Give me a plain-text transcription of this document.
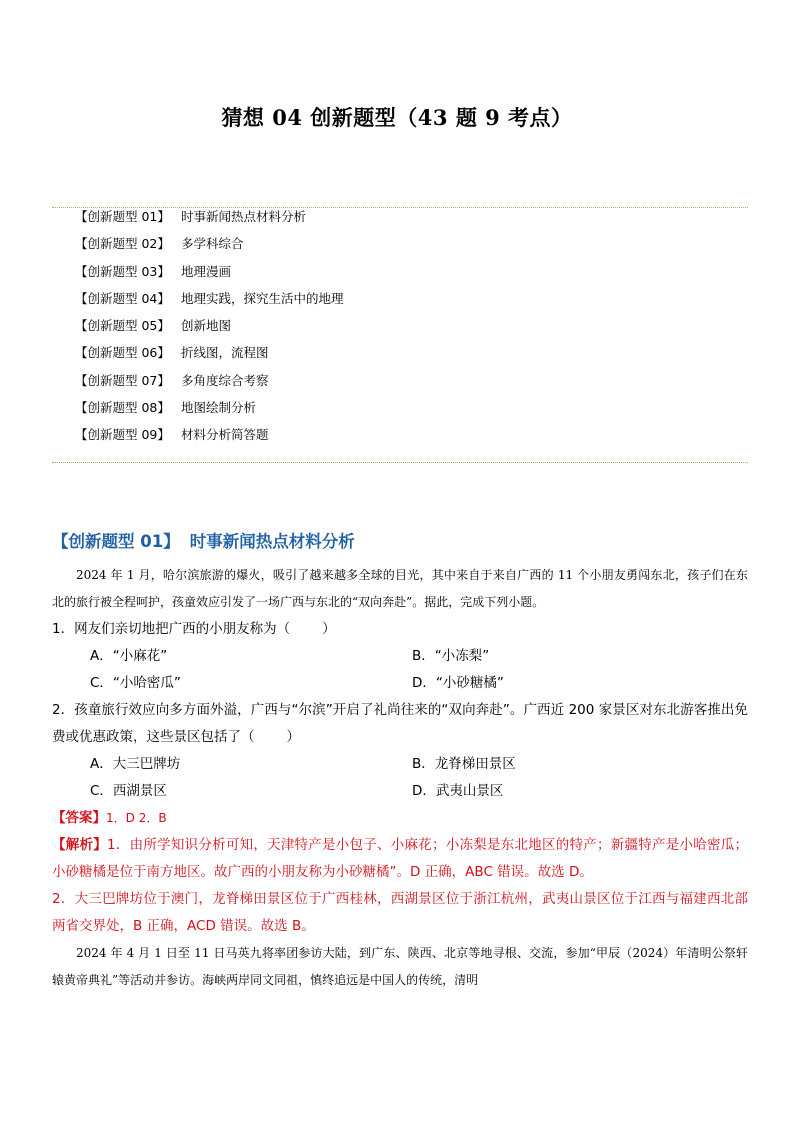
猜想 04 创新题型（43 题 9 考点）
【创新题型 01】 时事新闻热点材料分析
【创新题型 02】 多学科综合
【创新题型 03】 地理漫画
【创新题型 04】 地理实践，探究生活中的地理
【创新题型 05】 创新地图
【创新题型 06】 折线图，流程图
【创新题型 07】 多角度综合考察
【创新题型 08】 地图绘制分析
【创新题型 09】 材料分析简答题
【创新题型 01】 时事新闻热点材料分析
2024 年 1 月，哈尔滨旅游的爆火，吸引了越来越多全球的目光，其中来自于来自广西的 11 个小朋友勇闯东北，孩子们在东北的旅行被全程呵护，孩童效应引发了一场广西与东北的“双向奔赴”。据此，完成下列小题。
1．网友们亲切地把广西的小朋友称为（ ）
A．“小麻花”	B．“小冻梨”
C．“小哈密瓜”	D．“小砂糖橘”
2．孩童旅行效应向多方面外溢，广西与“尔滨”开启了礼尚往来的“双向奔赴”。广西近 200 家景区对东北游客推出免费或优惠政策，这些景区包括了（ ）
A．大三巴牌坊	B．龙脊梯田景区
C．西湖景区	D．武夷山景区
【答案】1．D 2．B
【解析】1．由所学知识分析可知，天津特产是小包子、小麻花；小冻梨是东北地区的特产；新疆特产是小哈密瓜；小砂糖橘是位于南方地区。故广西的小朋友称为小砂糖橘”。D 正确，ABC 错误。故选 D。
2．大三巴牌坊位于澳门，龙脊梯田景区位于广西桂林，西湖景区位于浙江杭州，武夷山景区位于江西与福建西北部两省交界处，B 正确，ACD 错误。故选 B。
2024 年 4 月 1 日至 11 日马英九将率团参访大陆，到广东、陕西、北京等地寻根、交流，参加“甲辰（2024）年清明公祭轩辕黄帝典礼”等活动并参访。海峡两岸同文同祖，慎终追远是中国人的传统，清明
